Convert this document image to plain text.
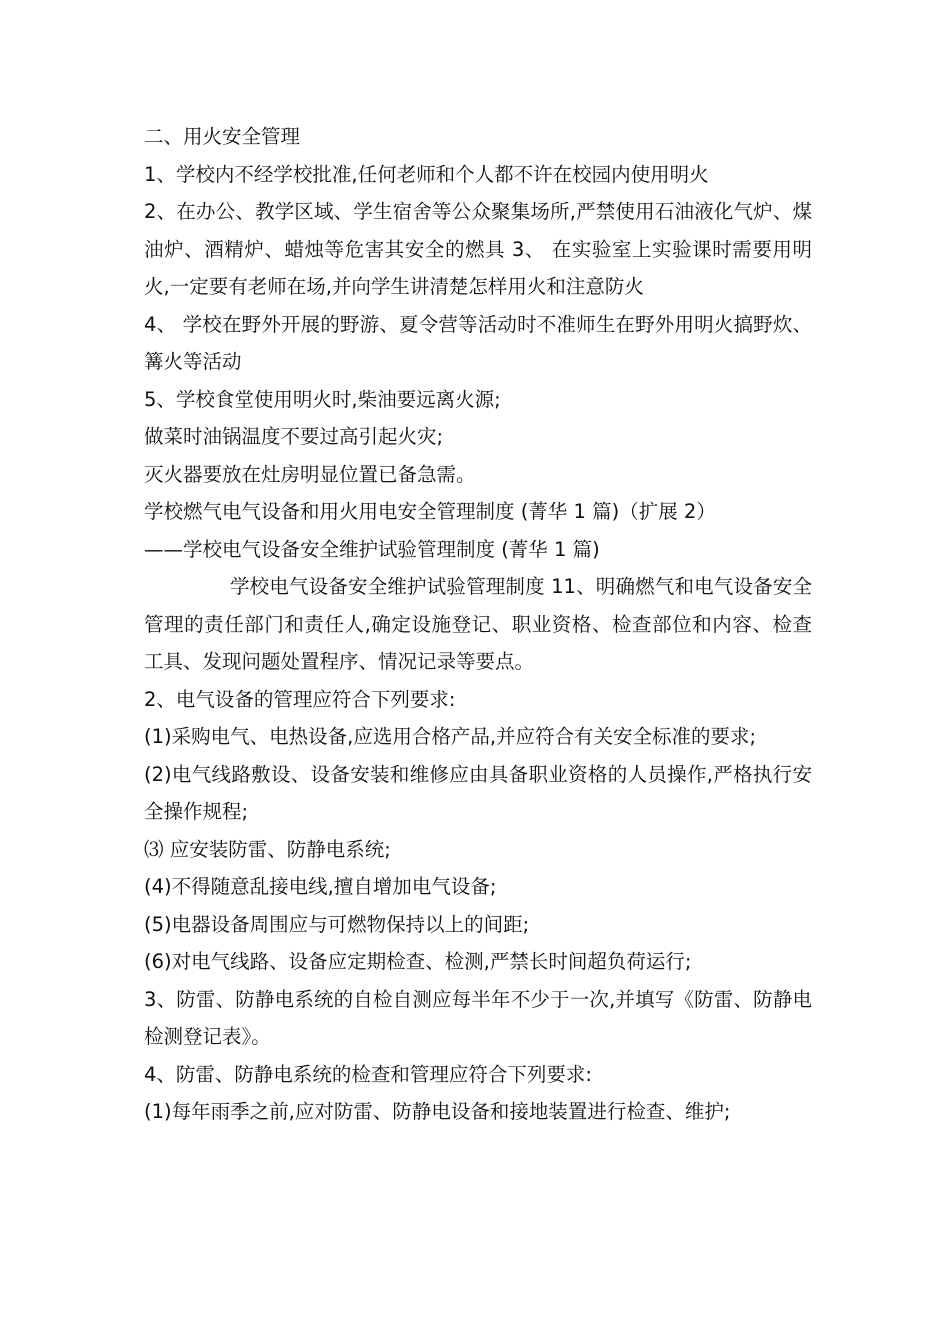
二、用火安全管理

1、学校内不经学校批准,任何老师和个人都不许在校园内使用明火

2、在办公、教学区域、学生宿舍等公众聚集场所,严禁使用石油液化气炉、煤油炉、酒精炉、蜡烛等危害其安全的燃具 3、 在实验室上实验课时需要用明火,一定要有老师在场,并向学生讲清楚怎样用火和注意防火

4、 学校在野外开展的野游、夏令营等活动时不准师生在野外用明火搞野炊、篝火等活动

5、学校食堂使用明火时,柴油要远离火源;

做菜时油锅温度不要过高引起火灾;

灭火器要放在灶房明显位置已备急需。

学校燃气电气设备和用火用电安全管理制度 (菁华 1 篇)（扩展 2）

——学校电气设备安全维护试验管理制度 (菁华 1 篇)

学校电气设备安全维护试验管理制度 11、明确燃气和电气设备安全管理的责任部门和责任人,确定设施登记、职业资格、检查部位和内容、检查工具、发现问题处置程序、情况记录等要点。

2、电气设备的管理应符合下列要求:

(1)采购电气、电热设备,应选用合格产品,并应符合有关安全标准的要求;

(2)电气线路敷设、设备安装和维修应由具备职业资格的人员操作,严格执行安全操作规程;

⑶ 应安装防雷、防静电系统;

(4)不得随意乱接电线,擅自增加电气设备;

(5)电器设备周围应与可燃物保持以上的间距;

(6)对电气线路、设备应定期检查、检测,严禁长时间超负荷运行;

3、防雷、防静电系统的自检自测应每半年不少于一次,并填写《防雷、防静电检测登记表》。

4、防雷、防静电系统的检查和管理应符合下列要求:

(1)每年雨季之前,应对防雷、防静电设备和接地装置进行检查、维护;
